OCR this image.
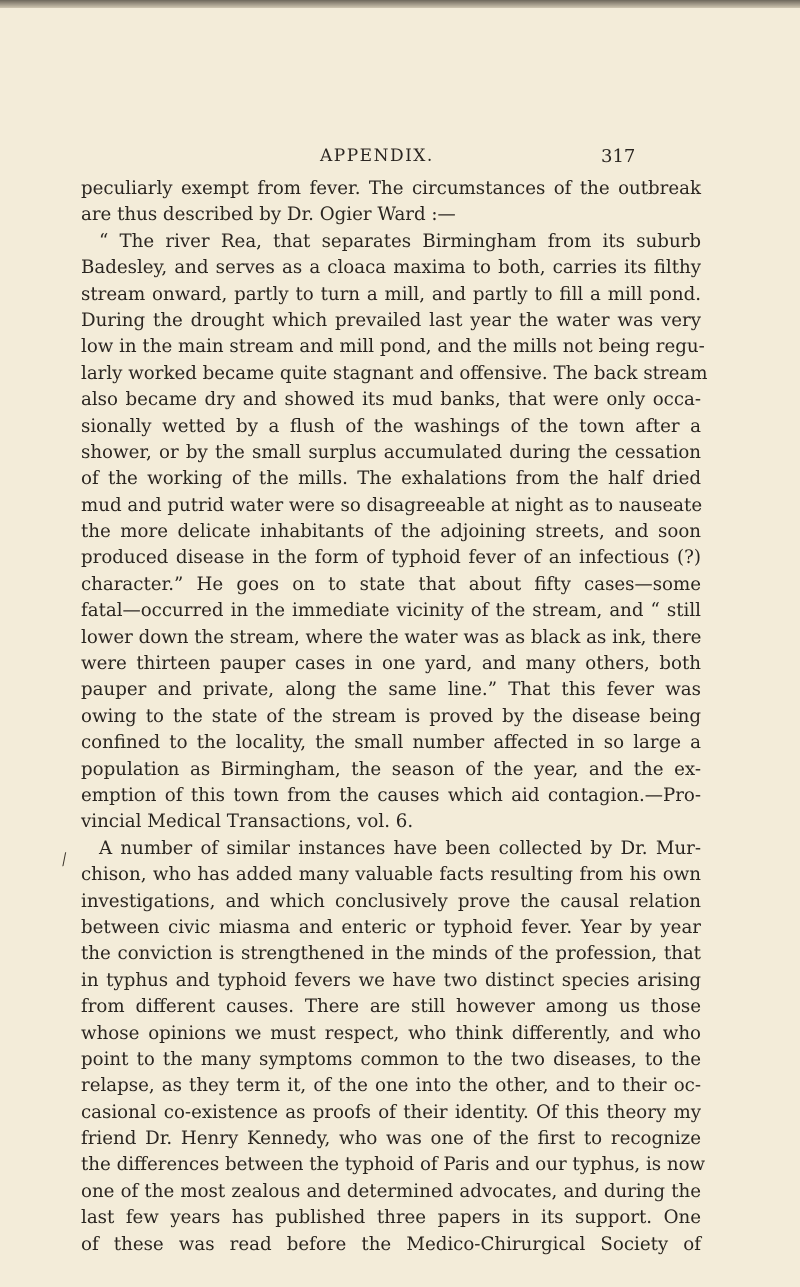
APPENDIX.	317
⁄
peculiarly exempt from fever. The circumstances of the outbreak
are thus described by Dr. Ogier Ward :—
“ The river Rea, that separates Birmingham from its suburb
Badesley, and serves as a cloaca maxima to both, carries its filthy
stream onward, partly to turn a mill, and partly to fill a mill pond.
During the drought which prevailed last year the water was very
low in the main stream and mill pond, and the mills not being regu-
larly worked became quite stagnant and offensive. The back stream
also became dry and showed its mud banks, that were only occa-
sionally wetted by a flush of the washings of the town after a
shower, or by the small surplus accumulated during the cessation
of the working of the mills. The exhalations from the half dried
mud and putrid water were so disagreeable at night as to nauseate
the more delicate inhabitants of the adjoining streets, and soon
produced disease in the form of typhoid fever of an infectious (?)
character.” He goes on to state that about fifty cases—some
fatal—occurred in the immediate vicinity of the stream, and “ still
lower down the stream, where the water was as black as ink, there
were thirteen pauper cases in one yard, and many others, both
pauper and private, along the same line.” That this fever was
owing to the state of the stream is proved by the disease being
confined to the locality, the small number affected in so large a
population as Birmingham, the season of the year, and the ex-
emption of this town from the causes which aid contagion.—Pro-
vincial Medical Transactions, vol. 6.
A number of similar instances have been collected by Dr. Mur-
chison, who has added many valuable facts resulting from his own
investigations, and which conclusively prove the causal relation
between civic miasma and enteric or typhoid fever. Year by year
the conviction is strengthened in the minds of the profession, that
in typhus and typhoid fevers we have two distinct species arising
from different causes. There are still however among us those
whose opinions we must respect, who think differently, and who
point to the many symptoms common to the two diseases, to the
relapse, as they term it, of the one into the other, and to their oc-
casional co-existence as proofs of their identity. Of this theory my
friend Dr. Henry Kennedy, who was one of the first to recognize
the differences between the typhoid of Paris and our typhus, is now
one of the most zealous and determined advocates, and during the
last few years has published three papers in its support. One
of these was read before the Medico-Chirurgical Society of
